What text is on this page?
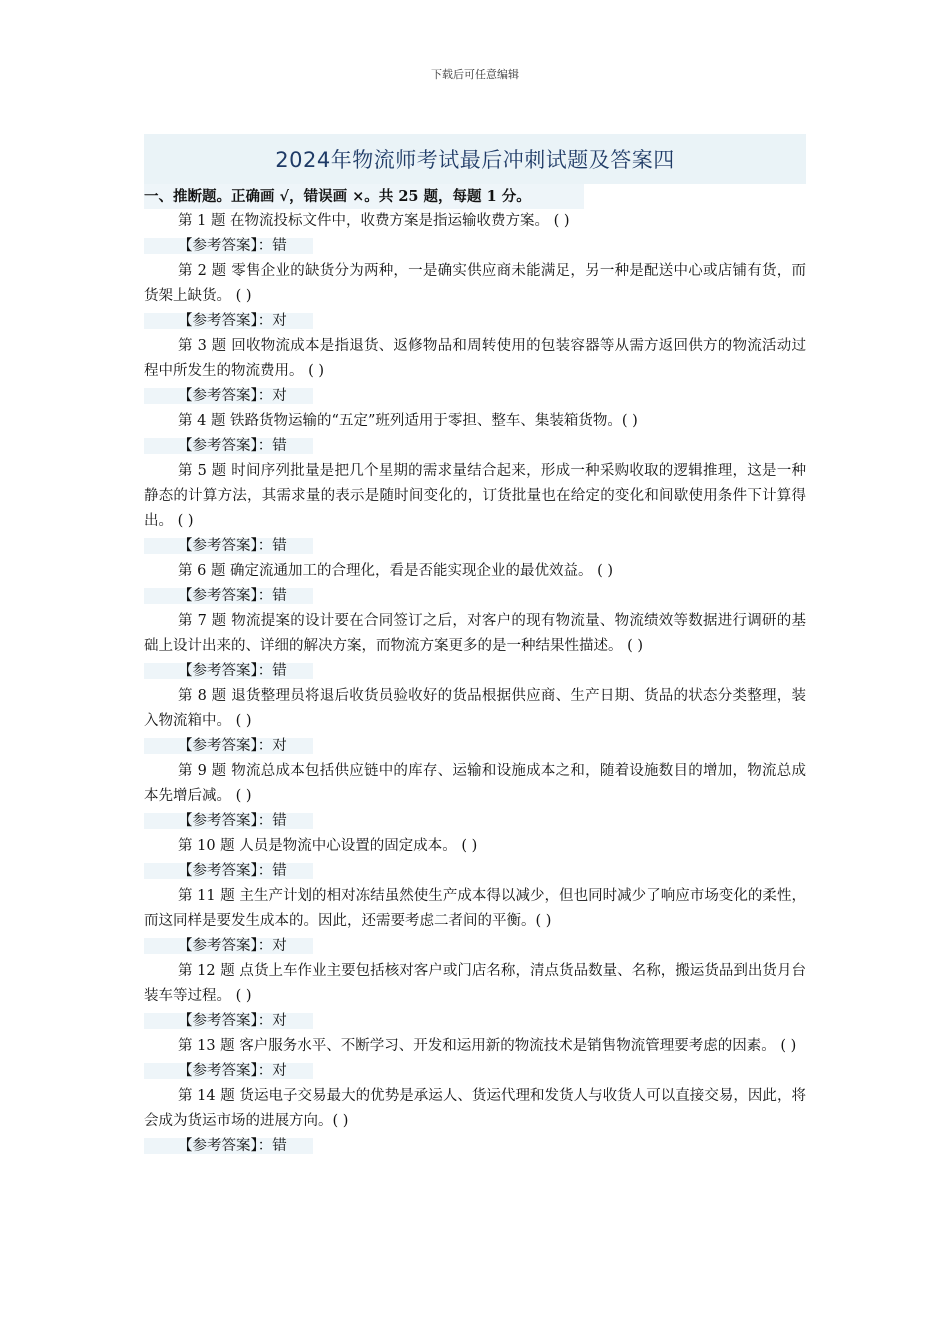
下载后可任意编辑
2024年物流师考试最后冲刺试题及答案四
一、推断题。正确画 √，错误画 ×。共 25 题，每题 1 分。
第 1 题 在物流投标文件中，收费方案是指运输收费方案。 ( )
【参考答案】：错
第 2 题 零售企业的缺货分为两种，一是确实供应商未能满足，另一种是配送中心或店铺有货，而货架上缺货。 ( )
【参考答案】：对
第 3 题 回收物流成本是指退货、返修物品和周转使用的包装容器等从需方返回供方的物流活动过程中所发生的物流费用。 ( )
【参考答案】：对
第 4 题 铁路货物运输的“五定”班列适用于零担、整车、集装箱货物。( )
【参考答案】：错
第 5 题 时间序列批量是把几个星期的需求量结合起来，形成一种采购收取的逻辑推理，这是一种静态的计算方法，其需求量的表示是随时间变化的，订货批量也在给定的变化和间歇使用条件下计算得出。 ( )
【参考答案】：错
第 6 题 确定流通加工的合理化，看是否能实现企业的最优效益。 ( )
【参考答案】：错
第 7 题 物流提案的设计要在合同签订之后，对客户的现有物流量、物流绩效等数据进行调研的基础上设计出来的、详细的解决方案，而物流方案更多的是一种结果性描述。 ( )
【参考答案】：错
第 8 题 退货整理员将退后收货员验收好的货品根据供应商、生产日期、货品的状态分类整理，装入物流箱中。 ( )
【参考答案】：对
第 9 题 物流总成本包括供应链中的库存、运输和设施成本之和，随着设施数目的增加，物流总成本先增后减。 ( )
【参考答案】：错
第 10 题 人员是物流中心设置的固定成本。 ( )
【参考答案】：错
第 11 题 主生产计划的相对冻结虽然使生产成本得以减少，但也同时减少了响应市场变化的柔性，而这同样是要发生成本的。因此，还需要考虑二者间的平衡。( )
【参考答案】：对
第 12 题 点货上车作业主要包括核对客户或门店名称，清点货品数量、名称，搬运货品到出货月台装车等过程。 ( )
【参考答案】：对
第 13 题 客户服务水平、不断学习、开发和运用新的物流技术是销售物流管理要考虑的因素。 ( )
【参考答案】：对
第 14 题 货运电子交易最大的优势是承运人、货运代理和发货人与收货人可以直接交易，因此，将会成为货运市场的进展方向。( )
【参考答案】：错
